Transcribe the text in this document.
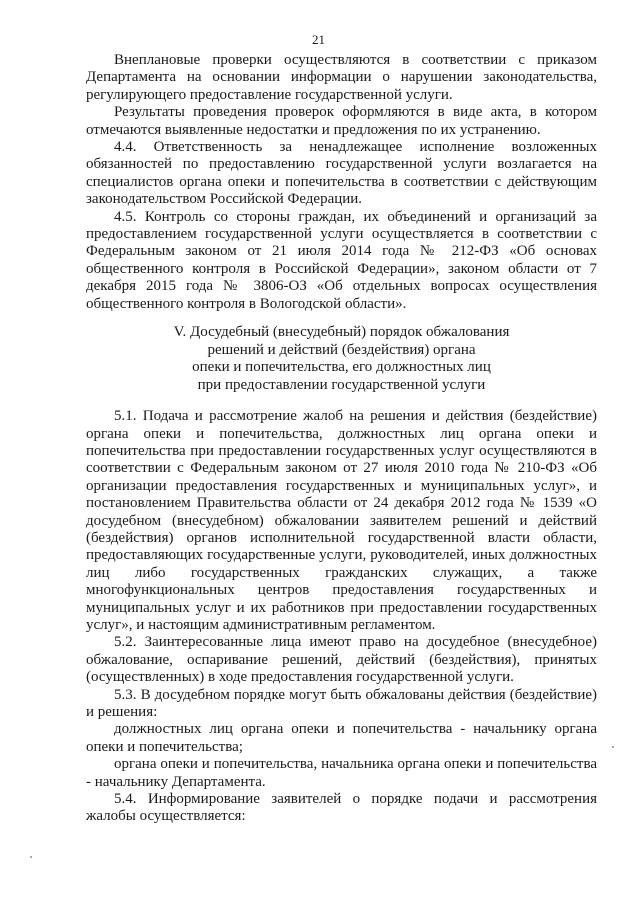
21

Внеплановые проверки осуществляются в соответствии с приказом Департамента на основании информации о нарушении законодательства, регулирующего предоставление государственной услуги.

Результаты проведения проверок оформляются в виде акта, в котором отмечаются выявленные недостатки и предложения по их устранению.

4.4. Ответственность за ненадлежащее исполнение возложенных обязанностей по предоставлению государственной услуги возлагается на специалистов органа опеки и попечительства в соответствии с действующим законодательством Российской Федерации.

4.5. Контроль со стороны граждан, их объединений и организаций за предоставлением государственной услуги осуществляется в соответствии с Федеральным законом от 21 июля 2014 года № 212-ФЗ «Об основах общественного контроля в Российской Федерации», законом области от 7 декабря 2015 года № 3806-ОЗ «Об отдельных вопросах осуществления общественного контроля в Вологодской области».

V. Досудебный (внесудебный) порядок обжалования
решений и действий (бездействия) органа
опеки и попечительства, его должностных лиц
при предоставлении государственной услуги

5.1. Подача и рассмотрение жалоб на решения и действия (бездействие) органа опеки и попечительства, должностных лиц органа опеки и попечительства при предоставлении государственных услуг осуществляются в соответствии с Федеральным законом от 27 июля 2010 года № 210-ФЗ «Об организации предоставления государственных и муниципальных услуг», и постановлением Правительства области от 24 декабря 2012 года № 1539 «О досудебном (внесудебном) обжаловании заявителем решений и действий (бездействия) органов исполнительной государственной власти области, предоставляющих государственные услуги, руководителей, иных должностных лиц либо государственных гражданских служащих, а также многофункциональных центров предоставления государственных и муниципальных услуг и их работников при предоставлении государственных услуг», и настоящим административным регламентом.

5.2. Заинтересованные лица имеют право на досудебное (внесудебное) обжалование, оспаривание решений, действий (бездействия), принятых (осуществленных) в ходе предоставления государственной услуги.

5.3. В досудебном порядке могут быть обжалованы действия (бездействие) и решения:

должностных лиц органа опеки и попечительства - начальнику органа опеки и попечительства;

органа опеки и попечительства, начальника органа опеки и попечительства - начальнику Департамента.

5.4. Информирование заявителей о порядке подачи и рассмотрения жалобы осуществляется:
